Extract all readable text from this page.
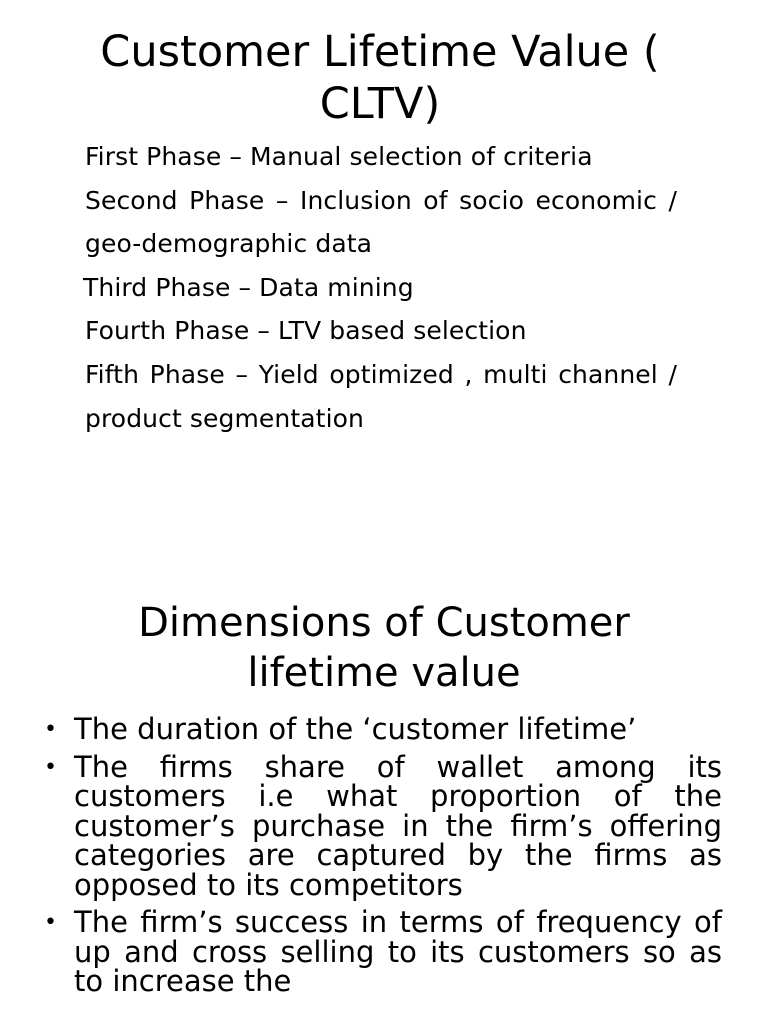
Customer Lifetime Value ( CLTV)
First Phase – Manual selection of criteria
Second Phase – Inclusion of socio economic / geo-demographic data
Third Phase – Data mining
Fourth Phase – LTV based selection
Fifth Phase – Yield optimized , multi channel / product segmentation
Dimensions of Customer lifetime value
• The duration of the ‘customer lifetime’
• The firms share of wallet among its customers i.e what proportion of the customer’s purchase in the firm’s offering categories are captured by the firms as opposed to its competitors
• The firm’s success in terms of frequency of up and cross selling to its customers so as to increase the
